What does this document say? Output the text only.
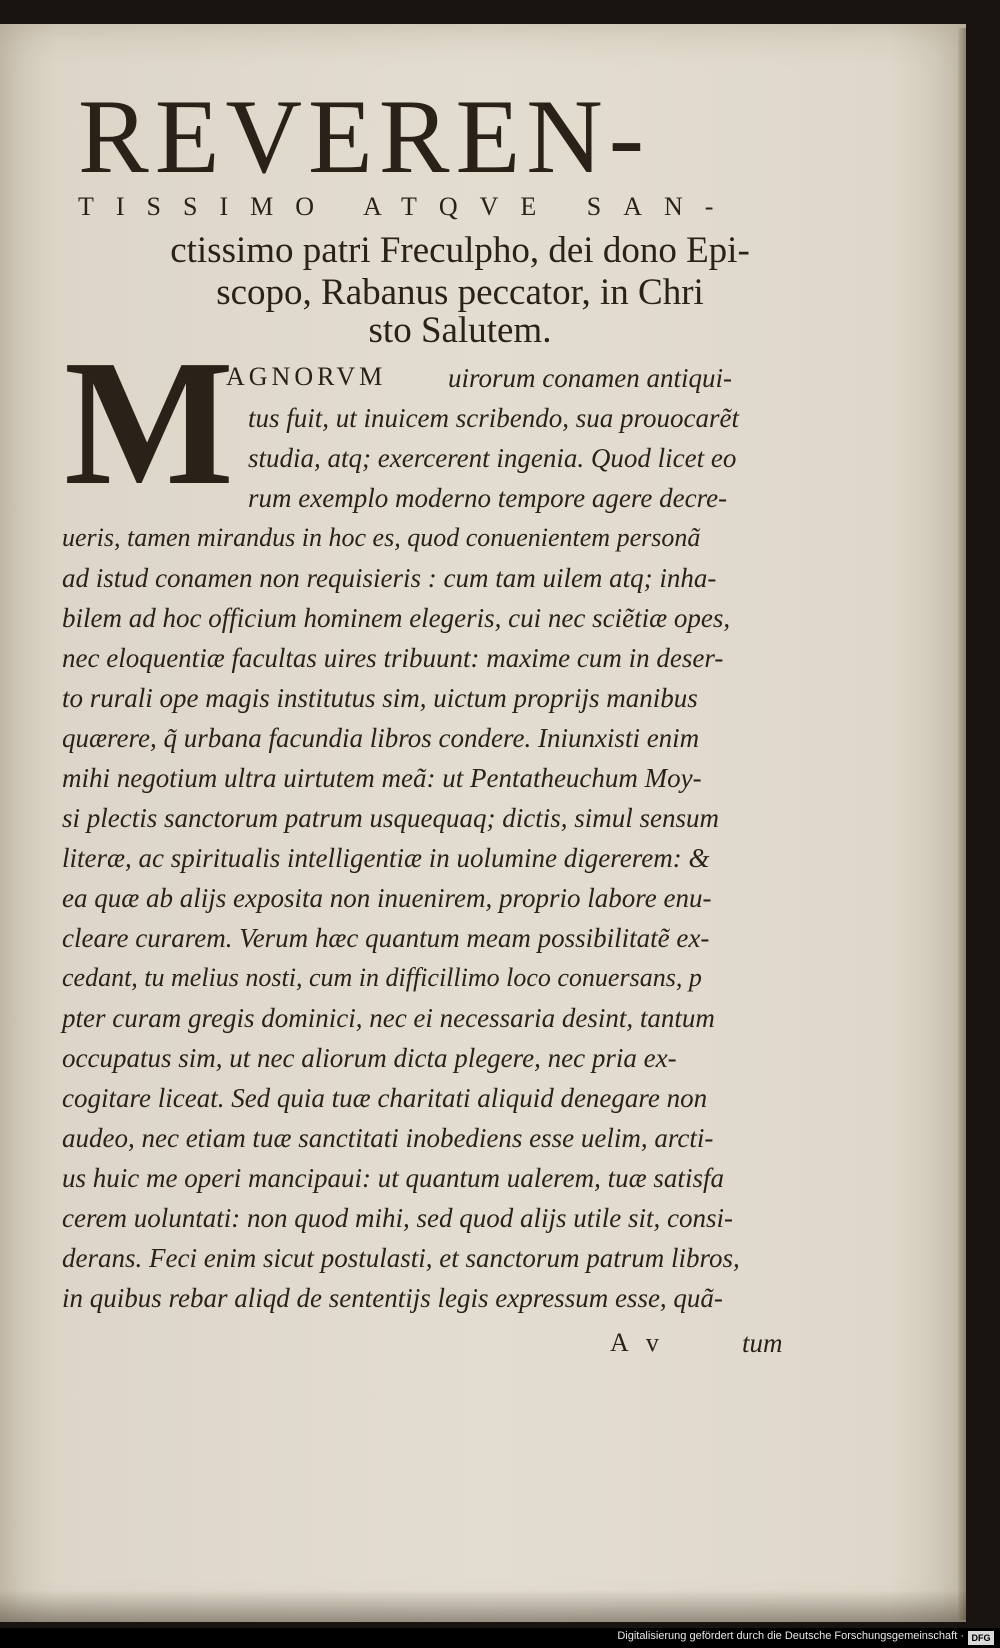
REVEREN-
TISSIMO ATQVE SAN-
ctissimo patri Freculpho, dei dono Epi-
scopo, Rabanus peccator, in Chri
sto Salutem.
M
AGNORVM uirorum conamen antiqui-
tus fuit, ut inuicem scribendo, sua prouocarẽt
studia, atq; exercerent ingenia. Quod licet eo
rum exemplo moderno tempore agere decre-
ueris, tamen mirandus in hoc es, quod conuenientem personã
ad istud conamen non requisieris : cum tam uilem atq; inha-
bilem ad hoc officium hominem elegeris, cui nec sciẽtiæ opes,
nec eloquentiæ facultas uires tribuunt: maxime cum in deser-
to rurali ope magis institutus sim, uictum proprijs manibus
quærere, q̃ urbana facundia libros condere. Iniunxisti enim
mihi negotium ultra uirtutem meã: ut Pentatheuchum Moy-
si plectis sanctorum patrum usquequaq; dictis, simul sensum
literæ, ac spiritualis intelligentiæ in uolumine digererem: &
ea quæ ab alijs exposita non inuenirem, proprio labore enu-
cleare curarem. Verum hæc quantum meam possibilitatẽ ex-
cedant, tu melius nosti, cum in difficillimo loco conuersans, p
pter curam gregis dominici, nec ei necessaria desint, tantum
occupatus sim, ut nec aliorum dicta plegere, nec pria ex-
cogitare liceat. Sed quia tuæ charitati aliquid denegare non
audeo, nec etiam tuæ sanctitati inobediens esse uelim, arcti-
us huic me operi mancipaui: ut quantum ualerem, tuæ satisfa
cerem uoluntati: non quod mihi, sed quod alijs utile sit, consi-
derans. Feci enim sicut postulasti, et sanctorum patrum libros,
in quibus rebar aliqd de sententijs legis expressum esse, quã-
A v	tum
Digitalisierung gefördert durch die Deutsche Forschungsgemeinschaft · DFG
